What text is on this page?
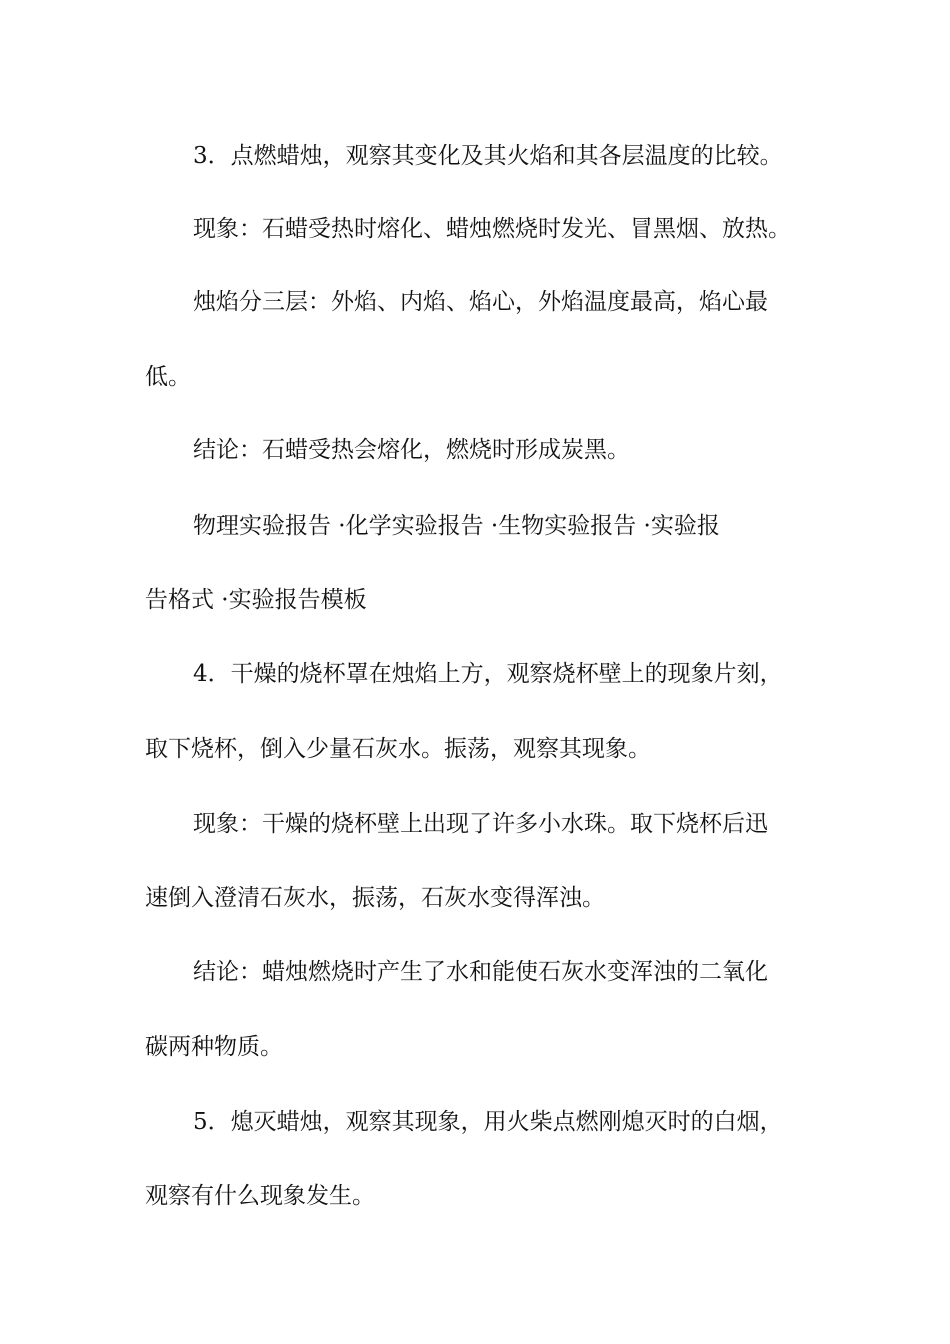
3．点燃蜡烛，观察其变化及其火焰和其各层温度的比较。
现象：石蜡受热时熔化、蜡烛燃烧时发光、冒黑烟、放热。
烛焰分三层：外焰、内焰、焰心，外焰温度最高，焰心最
低。
结论：石蜡受热会熔化，燃烧时形成炭黑。
物理实验报告 ·化学实验报告 ·生物实验报告 ·实验报
告格式 ·实验报告模板
4．干燥的烧杯罩在烛焰上方，观察烧杯壁上的现象片刻，
取下烧杯，倒入少量石灰水。振荡，观察其现象。
现象：干燥的烧杯壁上出现了许多小水珠。取下烧杯后迅
速倒入澄清石灰水，振荡，石灰水变得浑浊。
结论：蜡烛燃烧时产生了水和能使石灰水变浑浊的二氧化
碳两种物质。
5．熄灭蜡烛，观察其现象，用火柴点燃刚熄灭时的白烟，
观察有什么现象发生。
